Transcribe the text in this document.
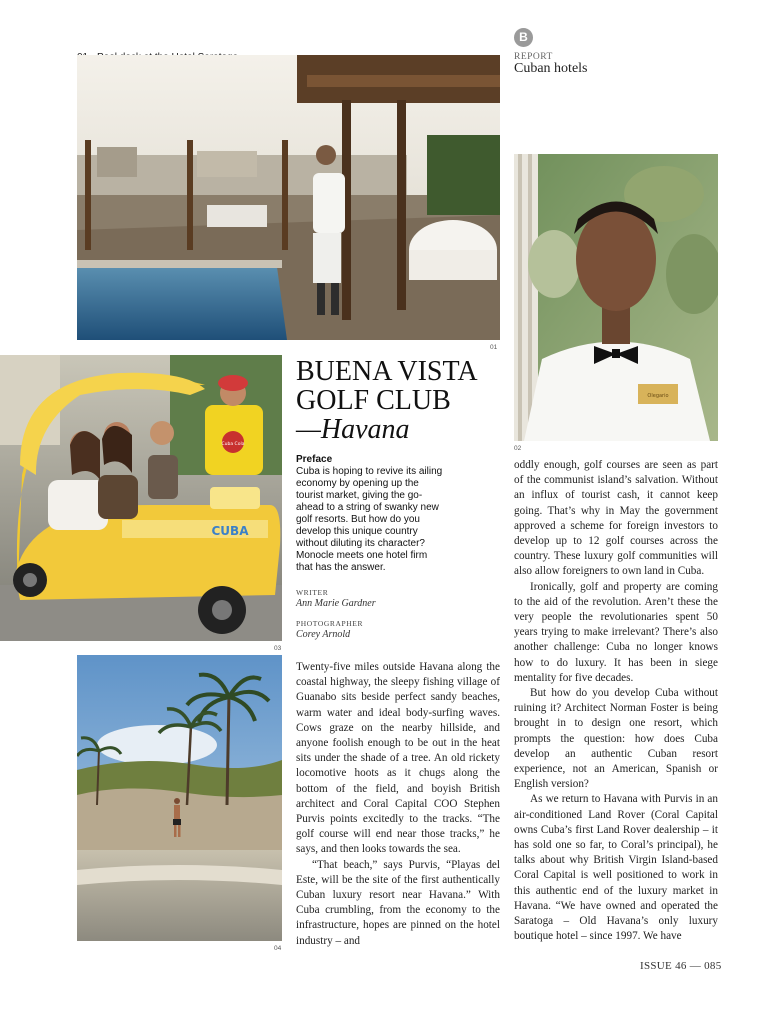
B
REPORT
Cuban hotels
01
Olegario
02
CUBA
Cuba Cola
03
04
BUENA VISTA
GOLF CLUB
—Havana
Preface
Cuba is hoping to revive its ailing economy by opening up the tourist market, giving the go-ahead to a string of swanky new golf resorts. But how do you develop this unique country without diluting its character? Monocle meets one hotel firm that has the answer.
WRITER
Ann Marie Gardner
PHOTOGRAPHER
Corey Arnold

Twenty-five miles outside Havana along the coastal highway, the sleepy fishing village of Guanabo sits beside perfect sandy beaches, warm water and ideal body-surfing waves. Cows graze on the nearby hillside, and anyone foolish enough to be out in the heat sits under the shade of a tree. An old rickety locomotive hoots as it chugs along the bottom of the field, and boyish British architect and Coral Capital COO Stephen Purvis points excitedly to the tracks. “The golf course will end near those tracks,” he says, and then looks towards the sea.

“That beach,” says Purvis, “Playas del Este, will be the site of the first authentically Cuban luxury resort near Havana.” With Cuba crumbling, from the economy to the infrastructure, hopes are pinned on the hotel industry – and

oddly enough, golf courses are seen as part of the communist island’s salvation. Without an influx of tourist cash, it cannot keep going. That’s why in May the government approved a scheme for foreign investors to develop up to 12 golf courses across the country. These luxury golf communities will also allow foreigners to own land in Cuba.

Ironically, golf and property are coming to the aid of the revolution. Aren’t these the very people the revolutionaries spent 50 years trying to make irrelevant? There’s also another challenge: Cuba no longer knows how to do luxury. It has been in siege mentality for five decades.

But how do you develop Cuba without ruining it? Architect Norman Foster is being brought in to design one resort, which prompts the question: how does Cuba develop an authentic Cuban resort experience, not an American, Spanish or English version?

As we return to Havana with Purvis in an air-conditioned Land Rover (Coral Capital owns Cuba’s first Land Rover dealership – it has sold one so far, to Coral’s principal), he talks about why British Virgin Island-based Coral Capital is well positioned to work in this authentic end of the luxury market in Havana. “We have owned and operated the Saratoga – Old Havana’s only luxury boutique hotel – since 1997. We have

ISSUE 46 — 085
